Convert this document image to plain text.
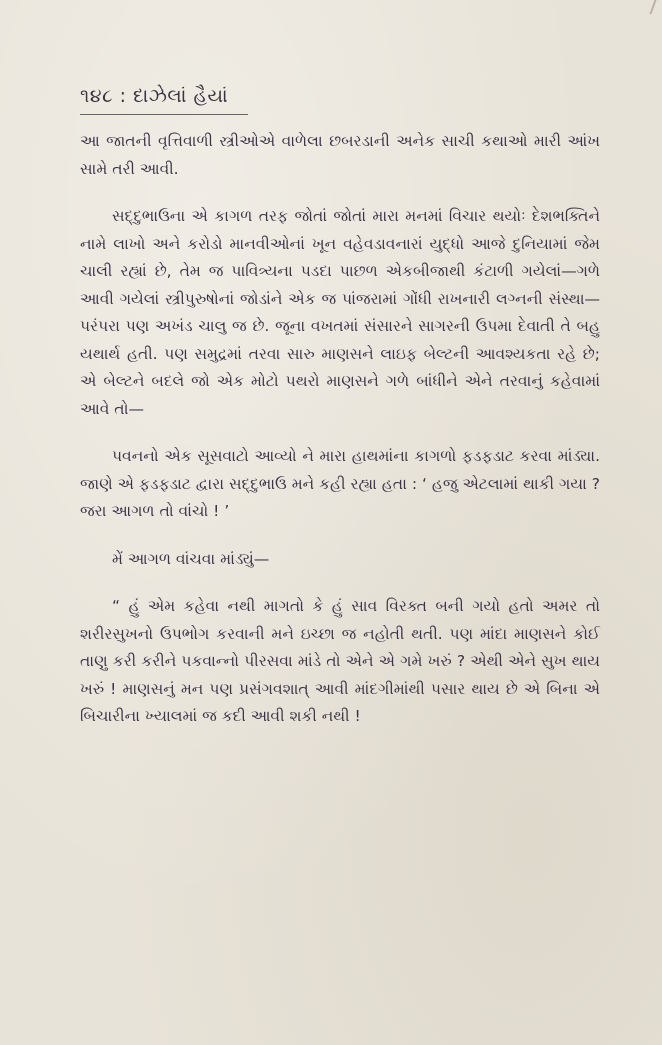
૧૪૮ : દાઝેલાં હૈયાં

આ જાતની વૃત્તિવાળી સ્ત્રીઓએ વાળેલા છબરડાની અનેક સાચી કથાઓ મારી આંખ સામે તરી આવી.

સદ્દુભાઉના એ કાગળ તરફ જોતાં જોતાં મારા મનમાં વિચાર થયોઃ દેશભક્તિને નામે લાખો અને કરોડો માનવીઓનાં ખૂન વહેવડાવનારાં યુદ્ધો આજે દુનિયામાં જેમ ચાલી રહ્યાં છે, તેમ જ પાવિત્ર્યના પડદા પાછળ એકબીજાથી કંટાળી ગયેલાં—ગળે આવી ગયેલાં સ્ત્રીપુરુષોનાં જોડાંને એક જ પાંજરામાં ગોંધી રાખનારી લગ્નની સંસ્થા—પરંપરા પણ અખંડ ચાલુ જ છે. જૂના વખતમાં સંસારને સાગરની ઉપમા દેવાતી તે બહુ યથાર્થ હતી. પણ સમુદ્રમાં તરવા સારુ માણસને લાઇફ બેલ્ટની આવશ્યકતા રહે છે; એ બેલ્ટને બદલે જો એક મોટો પથરો માણસને ગળે બાંધીને એને તરવાનું કહેવામાં આવે તો—

પવનનો એક સૂસવાટો આવ્યો ને મારા હાથમાંના કાગળો ફડફડાટ કરવા માંડ્યા. જાણે એ ફડફડાટ દ્વારા સદ્દુભાઉ મને કહી રહ્યા હતા : ‘ હજુ એટલામાં થાકી ગયા ? જરા આગળ તો વાંચો ! ’

મેં આગળ વાંચવા માંડ્યું—

“ હું એમ કહેવા નથી માગતો કે હું સાવ વિરક્ત બની ગયો હતો અમર તો શરીરસુખનો ઉપભોગ કરવાની મને ઇચ્છા જ નહોતી થતી. પણ માંદા માણસને કોઈ તાણુ કરી કરીને પકવાન્નો પીરસવા માંડે તો એને એ ગમે ખરું ? એથી એને સુખ થાય ખરું ! માણસનું મન પણ પ્રસંગવશાત્ આવી માંદગીમાંથી પસાર થાય છે એ બિના એ બિચારીના ખ્યાલમાં જ કદી આવી શકી નથી !
